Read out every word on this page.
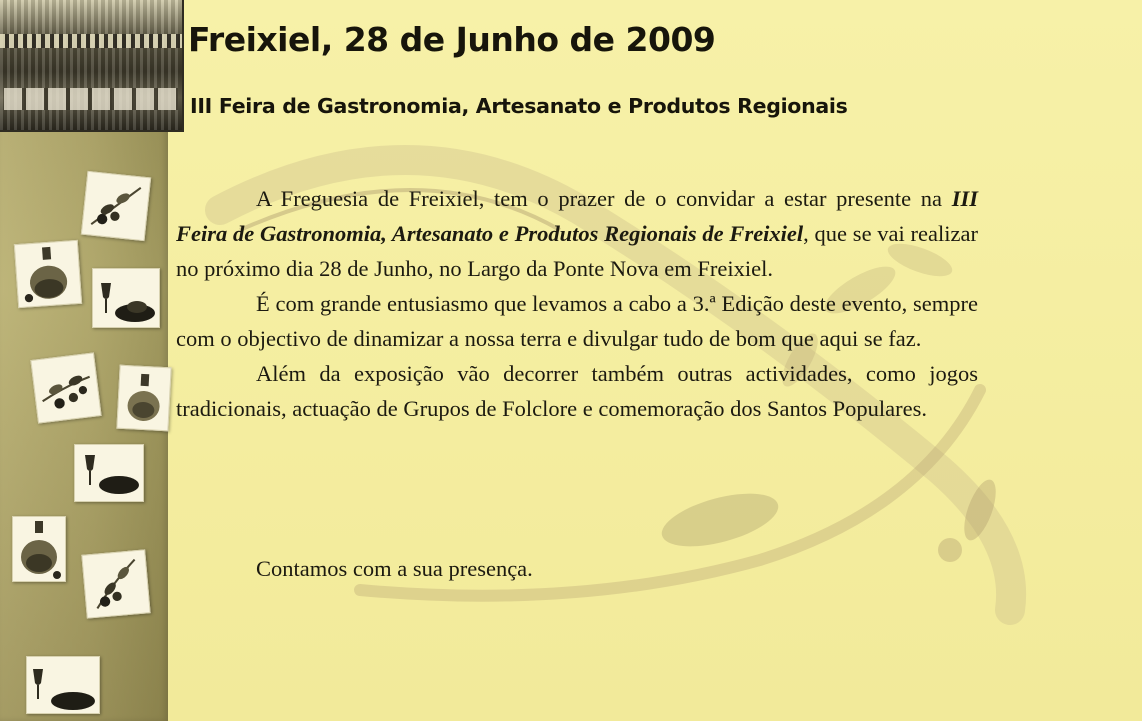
Freixiel, 28 de Junho de 2009
III Feira de Gastronomia, Artesanato e Produtos Regionais

A Freguesia de Freixiel, tem o prazer de o convidar a estar presente na III Feira de Gastronomia, Artesanato e Produtos Regionais de Freixiel, que se vai realizar no próximo dia 28 de Junho, no Largo da Ponte Nova em Freixiel.

É com grande entusiasmo que levamos a cabo a 3.ª Edição deste evento, sempre com o objectivo de dinamizar a nossa terra e divulgar tudo de bom que aqui se faz.

Além da exposição vão decorrer também outras actividades, como jogos tradicionais, actuação de Grupos de Folclore e comemoração dos Santos Populares.

Contamos com a sua presença.
